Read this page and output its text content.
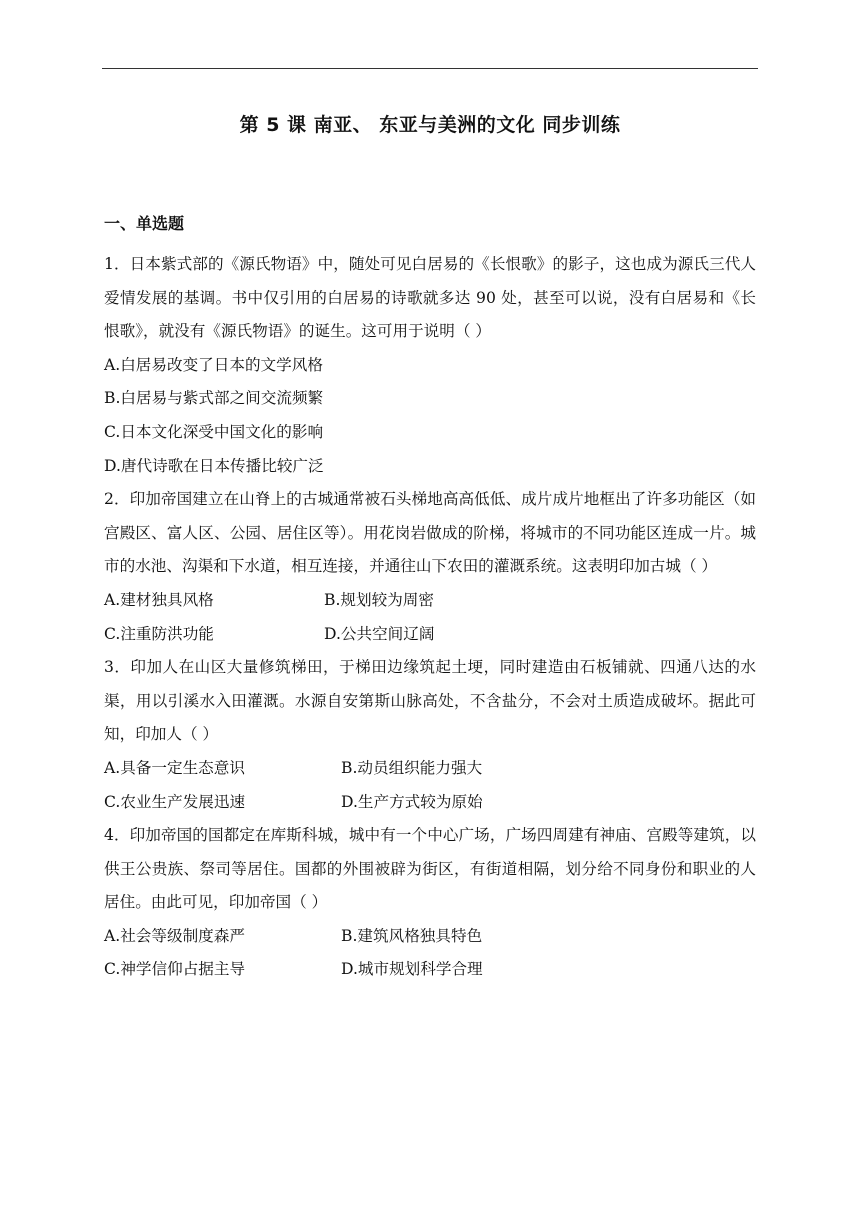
第 5 课 南亚、 东亚与美洲的文化 同步训练
一、单选题

1．日本紫式部的《源氏物语》中，随处可见白居易的《长恨歌》的影子，这也成为源氏三代人爱情发展的基调。书中仅引用的白居易的诗歌就多达 90 处，甚至可以说，没有白居易和《长恨歌》，就没有《源氏物语》的诞生。这可用于说明（ ）

A.白居易改变了日本的文学风格

B.白居易与紫式部之间交流频繁

C.日本文化深受中国文化的影响

D.唐代诗歌在日本传播比较广泛

2．印加帝国建立在山脊上的古城通常被石头梯地高高低低、成片成片地框出了许多功能区（如宫殿区、富人区、公园、居住区等）。用花岗岩做成的阶梯，将城市的不同功能区连成一片。城市的水池、沟渠和下水道，相互连接，并通往山下农田的灌溉系统。这表明印加古城（ ）

A.建材独具风格	B.规划较为周密
C.注重防洪功能	D.公共空间辽阔

3．印加人在山区大量修筑梯田，于梯田边缘筑起土埂，同时建造由石板铺就、四通八达的水渠，用以引溪水入田灌溉。水源自安第斯山脉高处，不含盐分，不会对土质造成破坏。据此可知，印加人（ ）

A.具备一定生态意识	B.动员组织能力强大
C.农业生产发展迅速	D.生产方式较为原始

4．印加帝国的国都定在库斯科城，城中有一个中心广场，广场四周建有神庙、宫殿等建筑，以供王公贵族、祭司等居住。国都的外围被辟为街区，有街道相隔，划分给不同身份和职业的人居住。由此可见，印加帝国（ ）

A.社会等级制度森严	B.建筑风格独具特色
C.神学信仰占据主导	D.城市规划科学合理
